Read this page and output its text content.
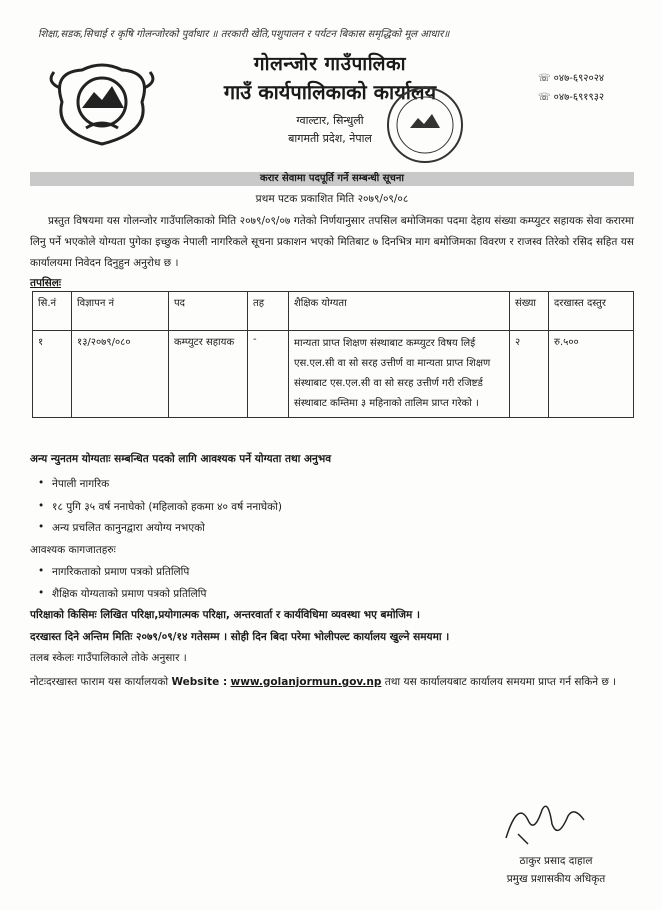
शिक्षा,सडक,सिचाई र कृषि गोलन्जोरको पुर्वाधार ॥ तरकारी खेति,पशुपालन र पर्यटन बिकास समृद्धिको मूल आधार॥
गोलन्जोर गाउँपालिका
गाउँ कार्यपालिकाको कार्यालय
ग्वाल्टार, सिन्धुली
बागमती प्रदेश, नेपाल
☏ ०४७-६९२०२४
☏ ०४७-६९१९३२
करार सेवामा पदपूर्ति गर्ने सम्बन्धी सूचना
प्रथम पटक प्रकाशित मिति २०७९/०९/०८
प्रस्तुत विषयमा यस गोलन्जोर गाउँपालिकाको मिति २०७९/०९/०७ गतेको निर्णयानुसार तपसिल बमोजिमका पदमा देहाय संख्या कम्प्युटर सहायक सेवा करारमा लिनु पर्ने भएकोले योग्यता पुगेका इच्छुक नेपाली नागरिकले सूचना प्रकाशन भएको मितिबाट ७ दिनभित्र माग बमोजिमका विवरण र राजस्व तिरेको रसिद सहित यस कार्यालयमा निवेदन दिनुहुन अनुरोध छ ।
तपसिलः
सि.नं	विज्ञापन नं	पद	तह	शैक्षिक योग्यता	संख्या	दरखास्त दस्तुर
१	१३/२०७९/०८०	कम्प्युटर सहायक	-	मान्यता प्राप्त शिक्षण संस्थाबाट कम्प्युटर विषय लिई एस.एल.सी वा सो सरह उत्तीर्ण वा मान्यता प्राप्त शिक्षण संस्थाबाट एस.एल.सी वा सो सरह उत्तीर्ण गरी रजिष्टर्ड संस्थाबाट कम्तिमा ३ महिनाको तालिम प्राप्त गरेको ।	२	रु.५००
अन्य न्युनतम योग्यताः सम्बन्धित पदको लागि आवश्यक पर्ने योग्यता तथा अनुभव
• नेपाली नागरिक
• १८ पुगि ३५ वर्ष ननाघेको (महिलाको हकमा ४० वर्ष ननाघेको)
• अन्य प्रचलित कानुनद्वारा अयोग्य नभएको
आवश्यक कागजातहरुः
• नागरिकताको प्रमाण पत्रको प्रतिलिपि
• शैक्षिक योग्यताको प्रमाण पत्रको प्रतिलिपि
परिक्षाको किसिमः लिखित परिक्षा,प्रयोगात्मक परिक्षा, अन्तरवार्ता र कार्यविधिमा व्यवस्था भए बमोजिम ।
दरखास्त दिने अन्तिम मितिः २०७९/०९/१४ गतेसम्म । सोही दिन बिदा परेमा भोलीपल्ट कार्यालय खुल्ने समयमा ।
तलब स्केलः गाउँपालिकाले तोके अनुसार ।
नोटःदरखास्त फाराम यस कार्यालयको Website : www.golanjormun.gov.np तथा यस कार्यालयबाट कार्यालय समयमा प्राप्त गर्न सकिने छ ।
ठाकुर प्रसाद दाहाल
प्रमुख प्रशासकीय अधिकृत
